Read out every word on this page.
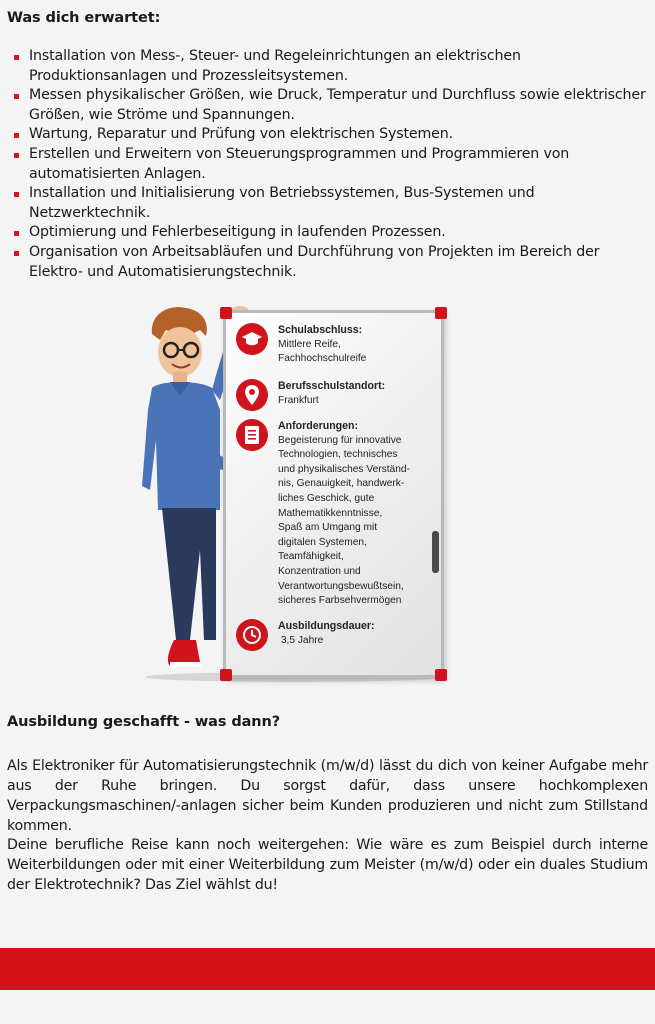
Was dich erwartet:
Installation von Mess-, Steuer- und Regeleinrichtungen an elektrischen Produktionsanlagen und Prozessleitsystemen.
Messen physikalischer Größen, wie Druck, Temperatur und Durchfluss sowie elektrischer Größen, wie Ströme und Spannungen.
Wartung, Reparatur und Prüfung von elektrischen Systemen.
Erstellen und Erweitern von Steuerungsprogrammen und Programmieren von automatisierten Anlagen.
Installation und Initialisierung von Betriebssystemen, Bus-Systemen und Netzwerktechnik.
Optimierung und Fehlerbeseitigung in laufenden Prozessen.
Organisation von Arbeitsabläufen und Durchführung von Projekten im Bereich der Elektro- und Automatisierungstechnik.
Schulabschluss:
Mittlere Reife,
Fachhochschulreife
Berufsschulstandort:
Frankfurt
Anforderungen:
Begeisterung für innovative
Technologien, technisches
und physikalisches Verständ-
nis, Genauigkeit, handwerk-
liches Geschick, gute
Mathematikkenntnisse,
Spaß am Umgang mit
digitalen Systemen,
Teamfähigkeit,
Konzentration und
Verantwortungsbewußtsein,
sicheres Farbsehvermögen
Ausbildungsdauer:
3,5 Jahre
Ausbildung geschafft - was dann?

Als Elektroniker für Automatisierungstechnik (m/w/d) lässt du dich von keiner Aufgabe mehr aus der Ruhe bringen. Du sorgst dafür, dass unsere hochkomplexen Verpackungsmaschinen/-anlagen sicher beim Kunden produzieren und nicht zum Stillstand kommen.

Deine berufliche Reise kann noch weitergehen: Wie wäre es zum Beispiel durch interne Weiterbildungen oder mit einer Weiterbildung zum Meister (m/w/d) oder ein duales Studium der Elektrotechnik? Das Ziel wählst du!
